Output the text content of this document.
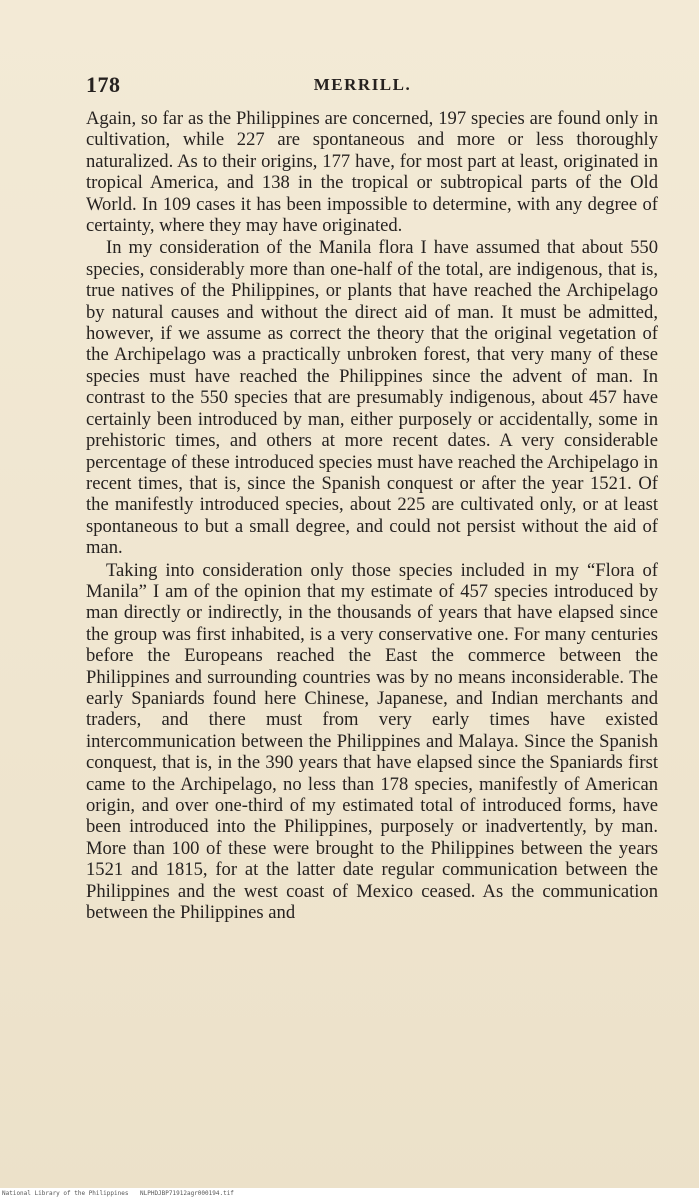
178	MERRILL.

Again, so far as the Philippines are concerned, 197 species are found only in cultivation, while 227 are spontaneous and more or less thoroughly naturalized. As to their origins, 177 have, for most part at least, originated in tropical America, and 138 in the tropical or subtropical parts of the Old World. In 109 cases it has been impossible to determine, with any degree of certainty, where they may have originated.

In my consideration of the Manila flora I have assumed that about 550 species, considerably more than one-half of the total, are indigenous, that is, true natives of the Philippines, or plants that have reached the Archipelago by natural causes and without the direct aid of man. It must be admitted, however, if we assume as correct the theory that the original vegetation of the Archipelago was a practically unbroken forest, that very many of these species must have reached the Philippines since the advent of man. In contrast to the 550 species that are presumably indigenous, about 457 have certainly been introduced by man, either purposely or accidentally, some in prehistoric times, and others at more recent dates. A very considerable percentage of these introduced species must have reached the Archipelago in recent times, that is, since the Spanish conquest or after the year 1521. Of the manifestly introduced species, about 225 are cultivated only, or at least spontaneous to but a small degree, and could not persist without the aid of man.

Taking into consideration only those species included in my “Flora of Manila” I am of the opinion that my estimate of 457 species introduced by man directly or indirectly, in the thousands of years that have elapsed since the group was first inhabited, is a very conservative one. For many centuries before the Europeans reached the East the commerce between the Philippines and surrounding countries was by no means inconsiderable. The early Spaniards found here Chinese, Japanese, and Indian merchants and traders, and there must from very early times have existed intercommunication between the Philippines and Malaya. Since the Spanish conquest, that is, in the 390 years that have elapsed since the Spaniards first came to the Archipelago, no less than 178 species, manifestly of American origin, and over one-third of my estimated total of introduced forms, have been introduced into the Philippines, purposely or inadvertently, by man. More than 100 of these were brought to the Philippines between the years 1521 and 1815, for at the latter date regular communication between the Philippines and the west coast of Mexico ceased. As the communication between the Philippines and

National Library of the Philippines NLPHDJBP71912agr000194.tif
